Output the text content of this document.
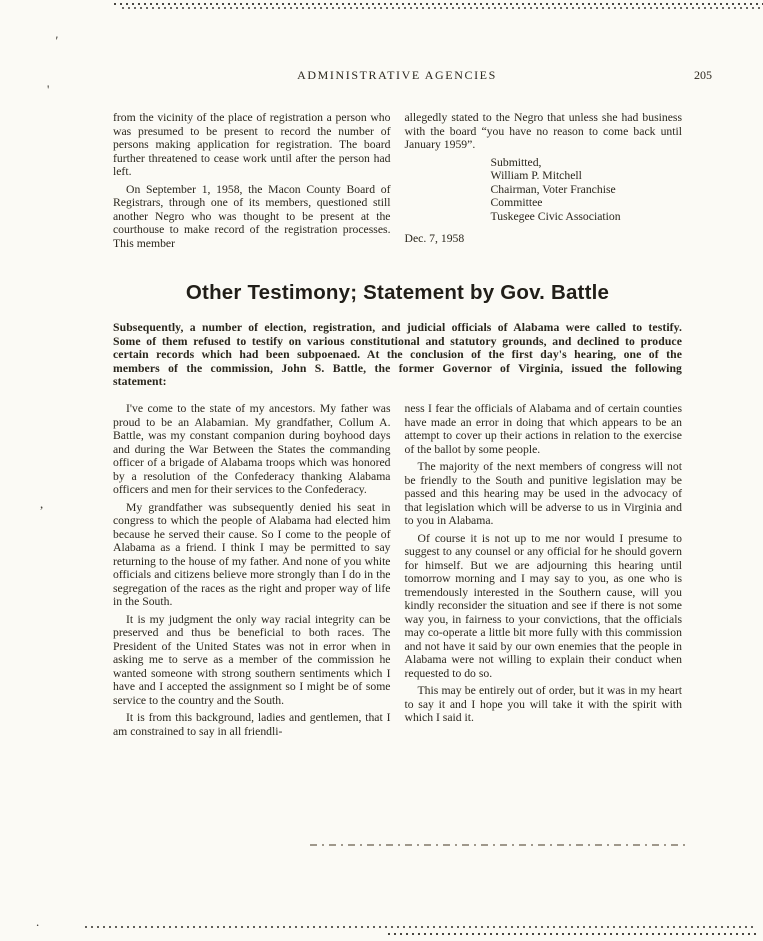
'
'
,
.
ADMINISTRATIVE AGENCIES	205

from the vicinity of the place of registration a person who was presumed to be present to record the number of persons making application for registration. The board further threatened to cease work until after the person had left.

On September 1, 1958, the Macon County Board of Registrars, through one of its members, questioned still another Negro who was thought to be present at the courthouse to make record of the registration processes. This member

allegedly stated to the Negro that unless she had business with the board “you have no reason to come back until January 1959”.

Submitted,
William P. Mitchell
Chairman, Voter Franchise
Committee
Tuskegee Civic Association

Dec. 7, 1958

Other Testimony; Statement by Gov. Battle

Subsequently, a number of election, registration, and judicial officials of Alabama were called to testify. Some of them refused to testify on various constitutional and statutory grounds, and declined to produce certain records which had been subpoenaed. At the conclusion of the first day's hearing, one of the members of the commission, John S. Battle, the former Governor of Virginia, issued the following statement:

I've come to the state of my ancestors. My father was proud to be an Alabamian. My grandfather, Collum A. Battle, was my constant companion during boyhood days and during the War Between the States the commanding officer of a brigade of Alabama troops which was honored by a resolution of the Confederacy thanking Alabama officers and men for their services to the Confederacy.

My grandfather was subsequently denied his seat in congress to which the people of Alabama had elected him because he served their cause. So I come to the people of Alabama as a friend. I think I may be permitted to say returning to the house of my father. And none of you white officials and citizens believe more strongly than I do in the segregation of the races as the right and proper way of life in the South.

It is my judgment the only way racial integrity can be preserved and thus be beneficial to both races. The President of the United States was not in error when in asking me to serve as a member of the commission he wanted someone with strong southern sentiments which I have and I accepted the assignment so I might be of some service to the country and the South.

It is from this background, ladies and gentlemen, that I am constrained to say in all friendli-

ness I fear the officials of Alabama and of certain counties have made an error in doing that which appears to be an attempt to cover up their actions in relation to the exercise of the ballot by some people.

The majority of the next members of congress will not be friendly to the South and punitive legislation may be passed and this hearing may be used in the advocacy of that legislation which will be adverse to us in Virginia and to you in Alabama.

Of course it is not up to me nor would I presume to suggest to any counsel or any official for he should govern for himself. But we are adjourning this hearing until tomorrow morning and I may say to you, as one who is tremendously interested in the Southern cause, will you kindly reconsider the situation and see if there is not some way you, in fairness to your convictions, that the officials may co-operate a little bit more fully with this commission and not have it said by our own enemies that the people in Alabama were not willing to explain their conduct when requested to do so.

This may be entirely out of order, but it was in my heart to say it and I hope you will take it with the spirit with which I said it.
